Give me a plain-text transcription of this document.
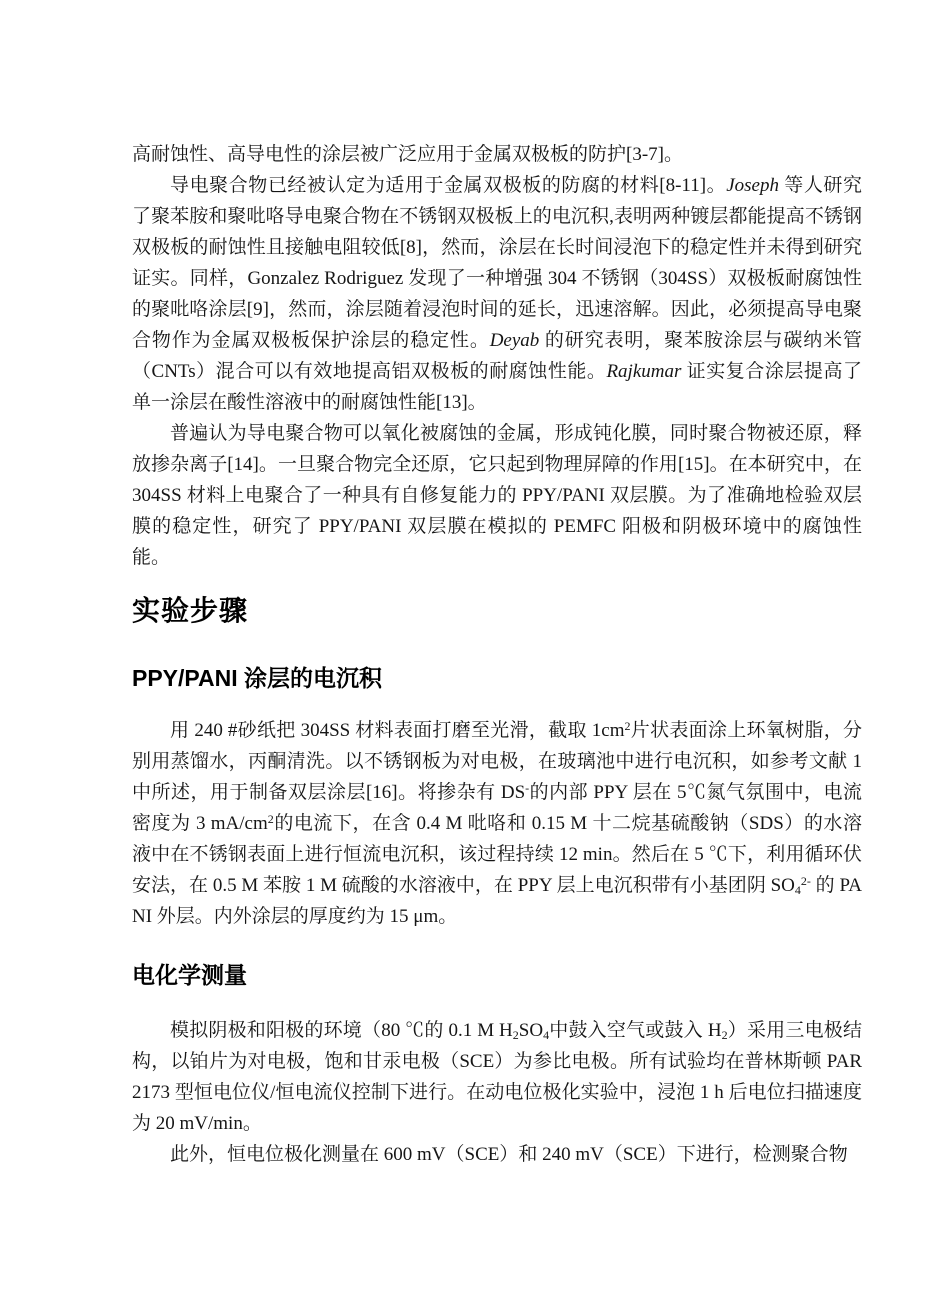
高耐蚀性、高导电性的涂层被广泛应用于金属双极板的防护[3-7]。

导电聚合物已经被认定为适用于金属双极板的防腐的材料[8-11]。Joseph 等人研究了聚苯胺和聚吡咯导电聚合物在不锈钢双极板上的电沉积,表明两种镀层都能提高不锈钢双极板的耐蚀性且接触电阻较低[8]，然而，涂层在长时间浸泡下的稳定性并未得到研究证实。同样，Gonzalez Rodriguez 发现了一种增强 304 不锈钢（304SS）双极板耐腐蚀性的聚吡咯涂层[9]，然而，涂层随着浸泡时间的延长，迅速溶解。因此，必须提高导电聚合物作为金属双极板保护涂层的稳定性。Deyab 的研究表明，聚苯胺涂层与碳纳米管（CNTs）混合可以有效地提高铝双极板的耐腐蚀性能。Rajkumar 证实复合涂层提高了单一涂层在酸性溶液中的耐腐蚀性能[13]。

普遍认为导电聚合物可以氧化被腐蚀的金属，形成钝化膜，同时聚合物被还原，释放掺杂离子[14]。一旦聚合物完全还原，它只起到物理屏障的作用[15]。在本研究中，在 304SS 材料上电聚合了一种具有自修复能力的 PPY/PANI 双层膜。为了准确地检验双层膜的稳定性，研究了 PPY/PANI 双层膜在模拟的 PEMFC 阳极和阴极环境中的腐蚀性能。

实验步骤
PPY/PANI 涂层的电沉积

用 240 #砂纸把 304SS 材料表面打磨至光滑，截取 $1cm^2$片状表面涂上环氧树脂，分别用蒸馏水，丙酮清洗。以不锈钢板为对电极，在玻璃池中进行电沉积，如参考文献 1 中所述，用于制备双层涂层[16]。将掺杂有 DS-的内部 PPY 层在 5℃氮气氛围中，电流密度为 3 $mA/cm^2$的电流下，在含 0.4 M 吡咯和 0.15 M 十二烷基硫酸钠（SDS）的水溶液中在不锈钢表面上进行恒流电沉积，该过程持续 12 min。然后在 5 ℃下，利用循环伏安法，在 0.5 M 苯胺 1 M 硫酸的水溶液中，在 PPY 层上电沉积带有小基团阴 $SO4^{2-}$ 的 PANI 外层。内外涂层的厚度约为 15 μm。

电化学测量

模拟阴极和阳极的环境（80 ℃的 0.1 M H2SO4中鼓入空气或鼓入 H2）采用三电极结构，以铂片为对电极，饱和甘汞电极（SCE）为参比电极。所有试验均在普林斯顿 PAR2173 型恒电位仪/恒电流仪控制下进行。在动电位极化实验中，浸泡 1 h 后电位扫描速度为 20 mV/min。

此外，恒电位极化测量在 600 mV（SCE）和 240 mV（SCE）下进行，检测聚合物
